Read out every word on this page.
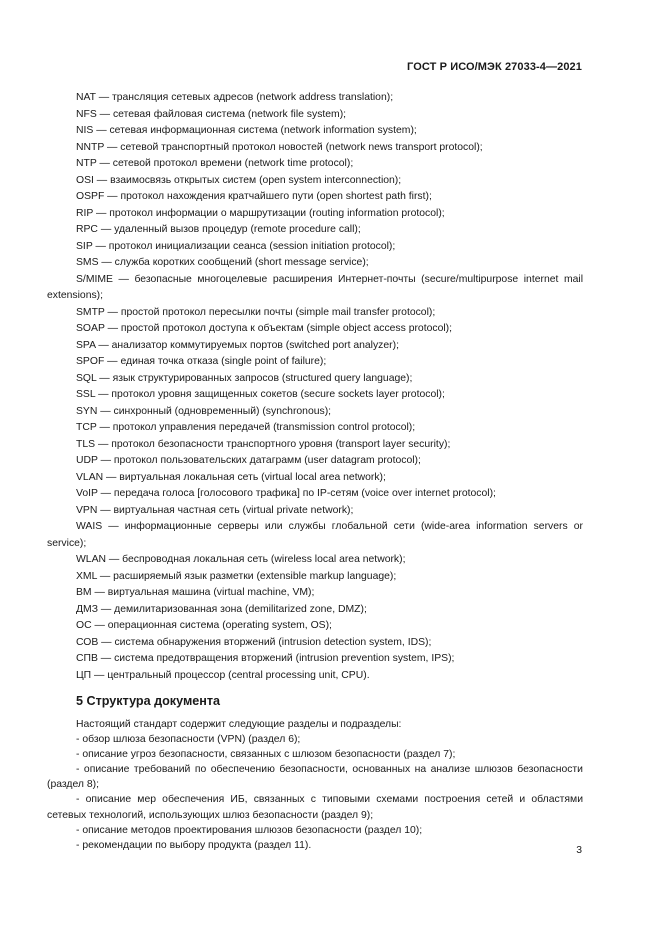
ГОСТ Р ИСО/МЭК 27033-4—2021

NAT — трансляция сетевых адресов (network address translation);

NFS — сетевая файловая система (network file system);

NIS — сетевая информационная система (network information system);

NNTP — сетевой транспортный протокол новостей (network news transport protocol);

NTP — сетевой протокол времени (network time protocol);

OSI — взаимосвязь открытых систем (open system interconnection);

OSPF — протокол нахождения кратчайшего пути (open shortest path first);

RIP — протокол информации о маршрутизации (routing information protocol);

RPC — удаленный вызов процедур (remote procedure call);

SIP — протокол инициализации сеанса (session initiation protocol);

SMS — служба коротких сообщений (short message service);

S/MIME — безопасные многоцелевые расширения Интернет-почты (secure/multipurpose internet mail extensions);

SMTP — простой протокол пересылки почты (simple mail transfer protocol);

SOAP — простой протокол доступа к объектам (simple object access protocol);

SPA — анализатор коммутируемых портов (switched port analyzer);

SPOF — единая точка отказа (single point of failure);

SQL — язык структурированных запросов (structured query language);

SSL — протокол уровня защищенных сокетов (secure sockets layer protocol);

SYN — синхронный (одновременный) (synchronous);

TCP — протокол управления передачей (transmission control protocol);

TLS — протокол безопасности транспортного уровня (transport layer security);

UDP — протокол пользовательских датаграмм (user datagram protocol);

VLAN — виртуальная локальная сеть (virtual local area network);

VoIP — передача голоса [голосового трафика] по IP-сетям (voice over internet protocol);

VPN — виртуальная частная сеть (virtual private network);

WAIS — информационные серверы или службы глобальной сети (wide-area information servers or service);

WLAN — беспроводная локальная сеть (wireless local area network);

XML — расширяемый язык разметки (extensible markup language);

ВМ — виртуальная машина (virtual machine, VM);

ДМЗ — демилитаризованная зона (demilitarized zone, DMZ);

ОС — операционная система (operating system, OS);

СОВ — система обнаружения вторжений (intrusion detection system, IDS);

СПВ — система предотвращения вторжений (intrusion prevention system, IPS);

ЦП — центральный процессор (central processing unit, CPU).

5 Структура документа

Настоящий стандарт содержит следующие разделы и подразделы:

- обзор шлюза безопасности (VPN) (раздел 6);

- описание угроз безопасности, связанных с шлюзом безопасности (раздел 7);

- описание требований по обеспечению безопасности, основанных на анализе шлюзов безопасности (раздел 8);

- описание мер обеспечения ИБ, связанных с типовыми схемами построения сетей и областями сетевых технологий, использующих шлюз безопасности (раздел 9);

- описание методов проектирования шлюзов безопасности (раздел 10);

- рекомендации по выбору продукта (раздел 11).	3
